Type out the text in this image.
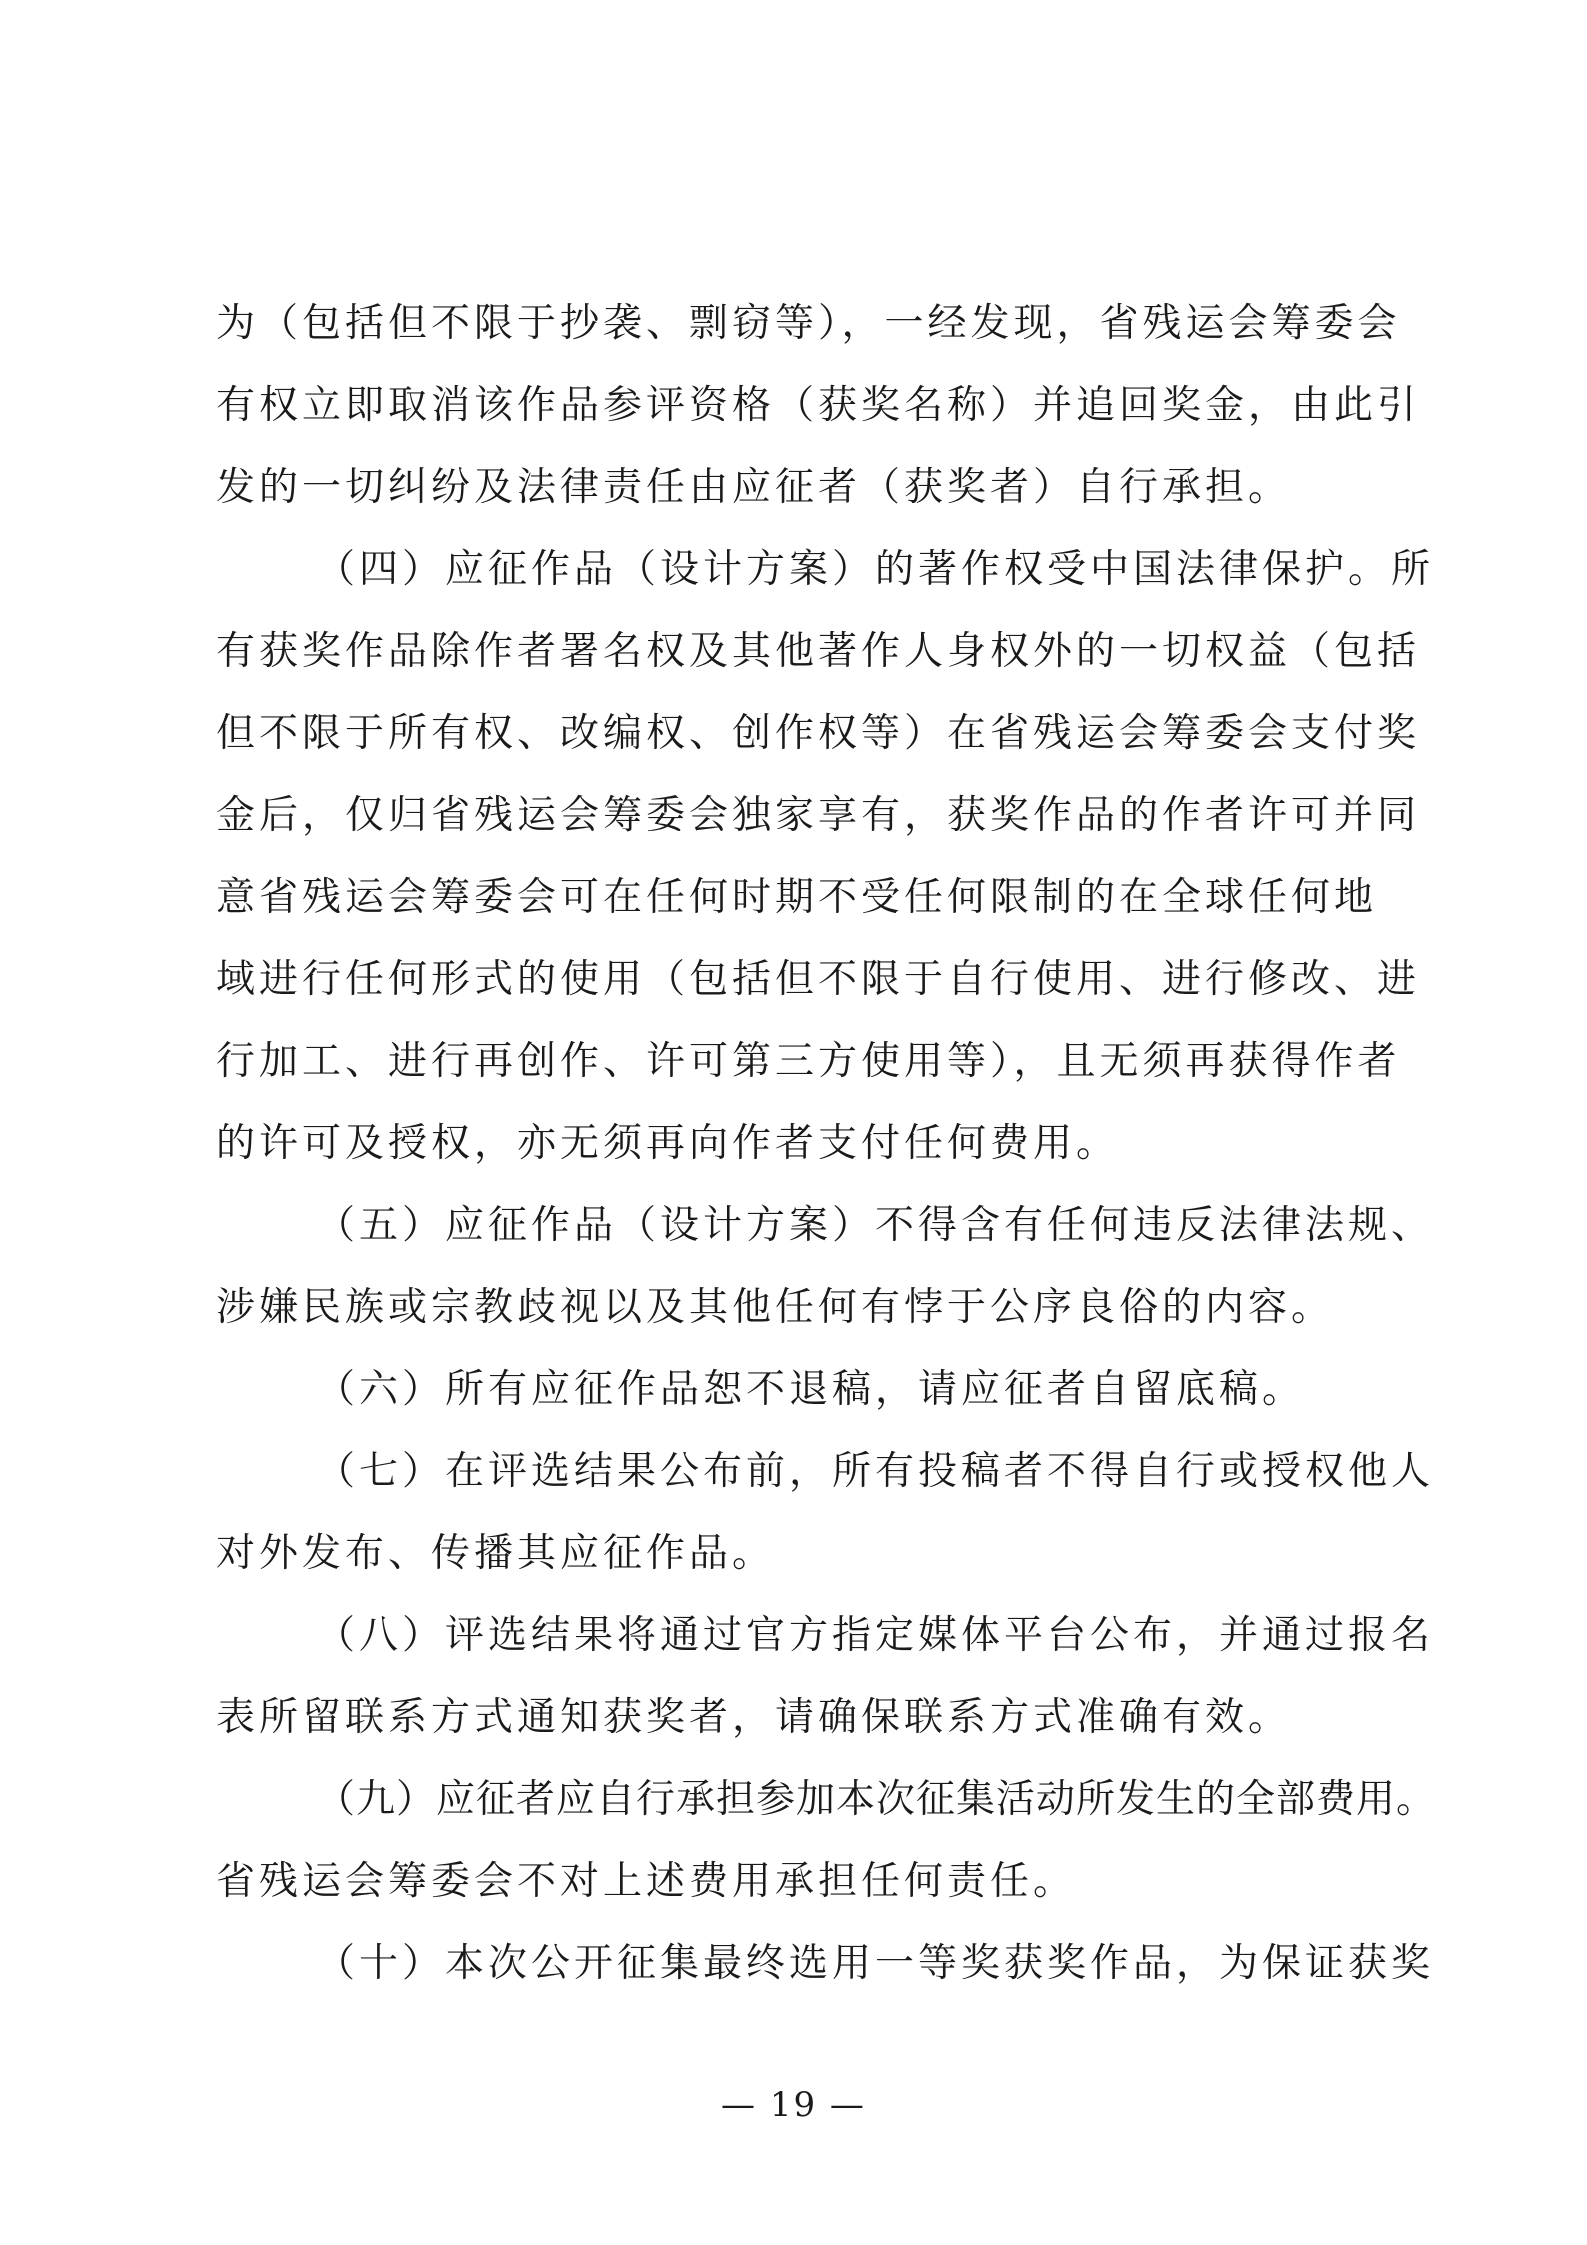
为（包括但不限于抄袭、剽窃等），一经发现，省残运会筹委会
有权立即取消该作品参评资格（获奖名称）并追回奖金，由此引
发的一切纠纷及法律责任由应征者（获奖者）自行承担。
（四）应征作品（设计方案）的著作权受中国法律保护。所
有获奖作品除作者署名权及其他著作人身权外的一切权益（包括
但不限于所有权、改编权、创作权等）在省残运会筹委会支付奖
金后，仅归省残运会筹委会独家享有，获奖作品的作者许可并同
意省残运会筹委会可在任何时期不受任何限制的在全球任何地
域进行任何形式的使用（包括但不限于自行使用、进行修改、进
行加工、进行再创作、许可第三方使用等），且无须再获得作者
的许可及授权，亦无须再向作者支付任何费用。
（五）应征作品（设计方案）不得含有任何违反法律法规、
涉嫌民族或宗教歧视以及其他任何有悖于公序良俗的内容。
（六）所有应征作品恕不退稿，请应征者自留底稿。
（七）在评选结果公布前，所有投稿者不得自行或授权他人
对外发布、传播其应征作品。
（八）评选结果将通过官方指定媒体平台公布，并通过报名
表所留联系方式通知获奖者，请确保联系方式准确有效。
（九）应征者应自行承担参加本次征集活动所发生的全部费用。
省残运会筹委会不对上述费用承担任何责任。
（十）本次公开征集最终选用一等奖获奖作品，为保证获奖
— 19 —
